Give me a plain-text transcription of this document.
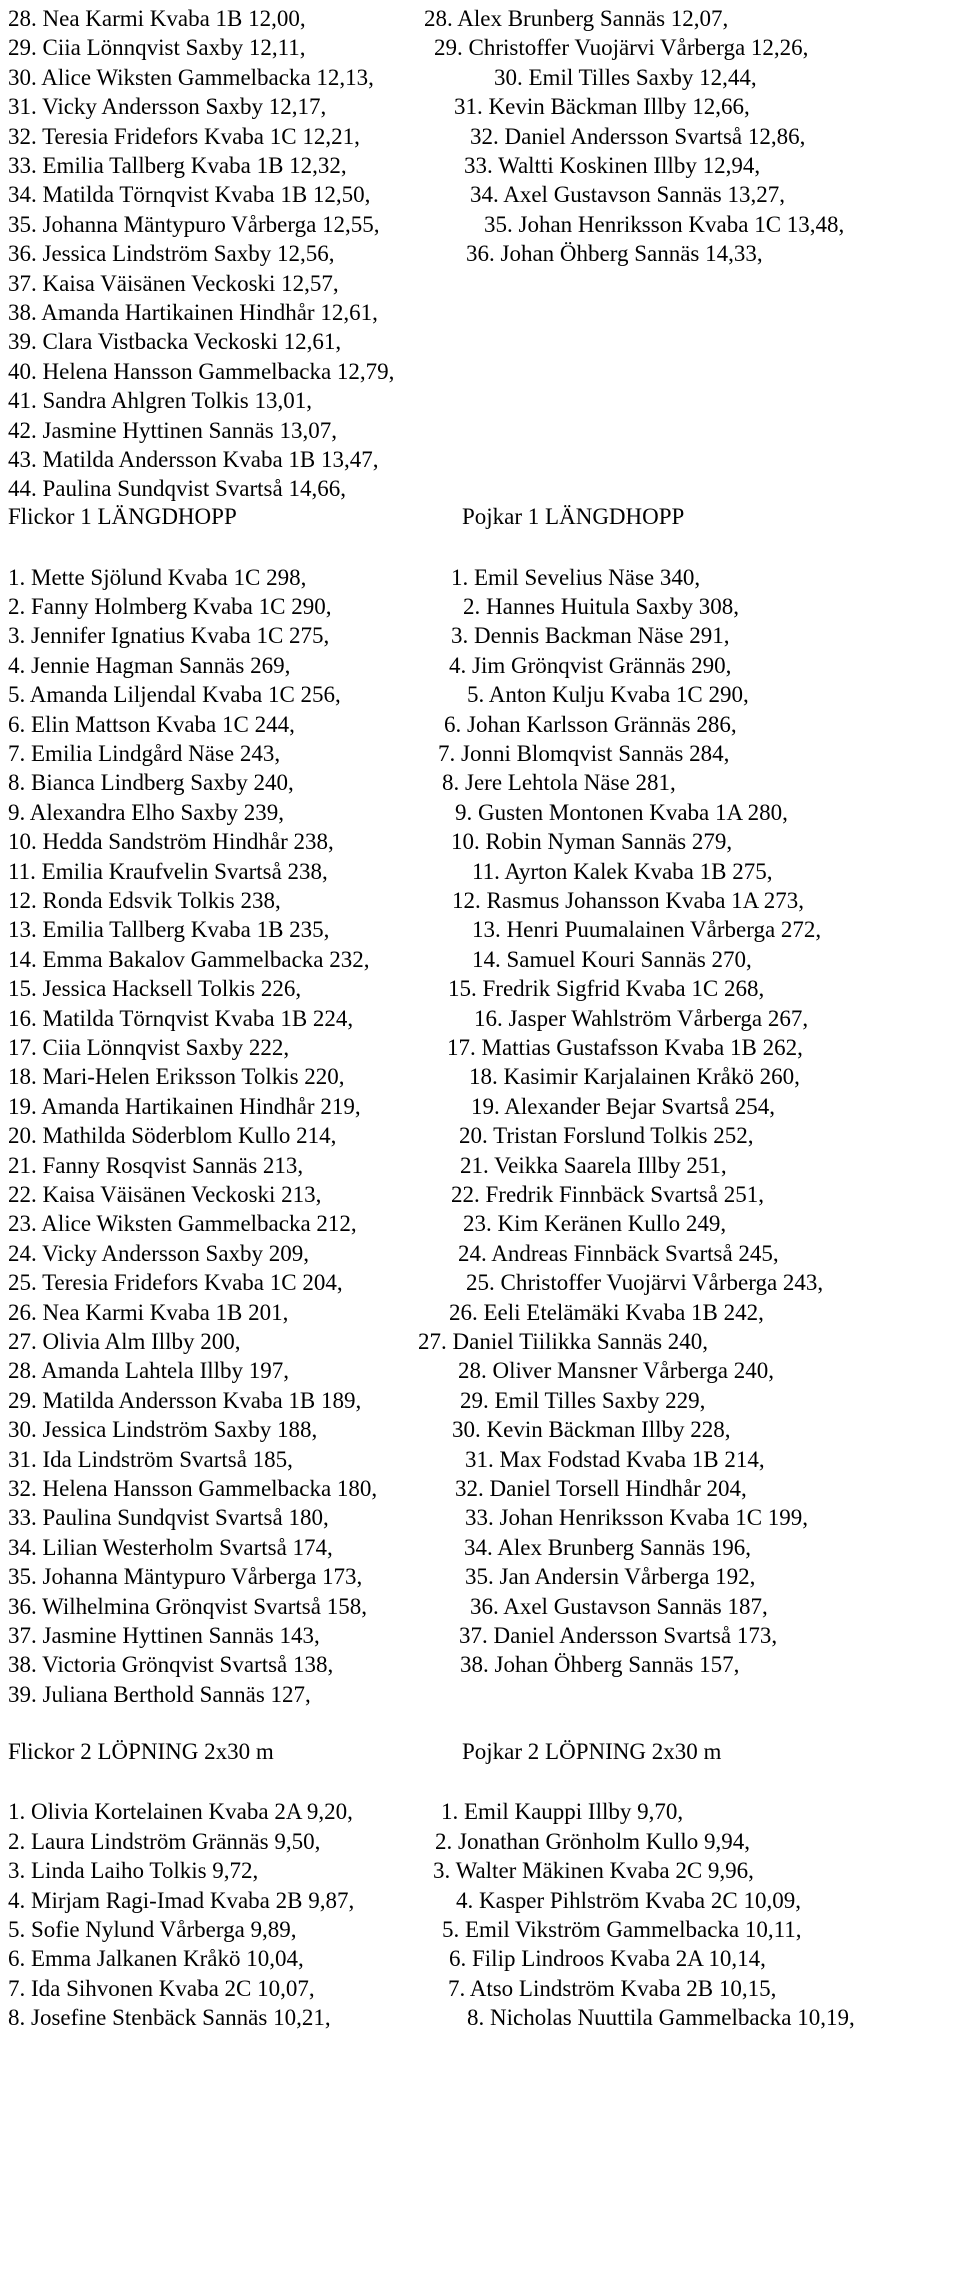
28. Nea Karmi Kvaba 1B 12,00,	28. Alex Brunberg Sannäs 12,07,
29. Ciia Lönnqvist Saxby 12,11,	29. Christoffer Vuojärvi Vårberga 12,26,
30. Alice Wiksten Gammelbacka 12,13,	30. Emil Tilles Saxby 12,44,
31. Vicky Andersson Saxby 12,17,	31. Kevin Bäckman Illby 12,66,
32. Teresia Fridefors Kvaba 1C 12,21,	32. Daniel Andersson Svartså 12,86,
33. Emilia Tallberg Kvaba 1B 12,32,	33. Waltti Koskinen Illby 12,94,
34. Matilda Törnqvist Kvaba 1B 12,50,	34. Axel Gustavson Sannäs 13,27,
35. Johanna Mäntypuro Vårberga 12,55,	35. Johan Henriksson Kvaba 1C 13,48,
36. Jessica Lindström Saxby 12,56,	36. Johan Öhberg Sannäs 14,33,
37. Kaisa Väisänen Veckoski 12,57,
38. Amanda Hartikainen Hindhår 12,61,
39. Clara Vistbacka Veckoski 12,61,
40. Helena Hansson Gammelbacka 12,79,
41. Sandra Ahlgren Tolkis 13,01,
42. Jasmine Hyttinen Sannäs 13,07,
43. Matilda Andersson Kvaba 1B 13,47,
44. Paulina Sundqvist Svartså 14,66,
Flickor 1 LÄNGDHOPP	Pojkar 1 LÄNGDHOPP
1. Mette Sjölund Kvaba 1C 298,	1. Emil Sevelius Näse 340,
2. Fanny Holmberg Kvaba 1C 290,	2. Hannes Huitula Saxby 308,
3. Jennifer Ignatius Kvaba 1C 275,	3. Dennis Backman Näse 291,
4. Jennie Hagman Sannäs 269,	4. Jim Grönqvist Grännäs 290,
5. Amanda Liljendal Kvaba 1C 256,	5. Anton Kulju Kvaba 1C 290,
6. Elin Mattson Kvaba 1C 244,	6. Johan Karlsson Grännäs 286,
7. Emilia Lindgård Näse 243,	7. Jonni Blomqvist Sannäs 284,
8. Bianca Lindberg Saxby 240,	8. Jere Lehtola Näse 281,
9. Alexandra Elho Saxby 239,	9. Gusten Montonen Kvaba 1A 280,
10. Hedda Sandström Hindhår 238,	10. Robin Nyman Sannäs 279,
11. Emilia Kraufvelin Svartså 238,	11. Ayrton Kalek Kvaba 1B 275,
12. Ronda Edsvik Tolkis 238,	12. Rasmus Johansson Kvaba 1A 273,
13. Emilia Tallberg Kvaba 1B 235,	13. Henri Puumalainen Vårberga 272,
14. Emma Bakalov Gammelbacka 232,	14. Samuel Kouri Sannäs 270,
15. Jessica Hacksell Tolkis 226,	15. Fredrik Sigfrid Kvaba 1C 268,
16. Matilda Törnqvist Kvaba 1B 224,	16. Jasper Wahlström Vårberga 267,
17. Ciia Lönnqvist Saxby 222,	17. Mattias Gustafsson Kvaba 1B 262,
18. Mari-Helen Eriksson Tolkis 220,	18. Kasimir Karjalainen Kråkö 260,
19. Amanda Hartikainen Hindhår 219,	19. Alexander Bejar Svartså 254,
20. Mathilda Söderblom Kullo 214,	20. Tristan Forslund Tolkis 252,
21. Fanny Rosqvist Sannäs 213,	21. Veikka Saarela Illby 251,
22. Kaisa Väisänen Veckoski 213,	22. Fredrik Finnbäck Svartså 251,
23. Alice Wiksten Gammelbacka 212,	23. Kim Keränen Kullo 249,
24. Vicky Andersson Saxby 209,	24. Andreas Finnbäck Svartså 245,
25. Teresia Fridefors Kvaba 1C 204,	25. Christoffer Vuojärvi Vårberga 243,
26. Nea Karmi Kvaba 1B 201,	26. Eeli Etelämäki Kvaba 1B 242,
27. Olivia Alm Illby 200,	27. Daniel Tiilikka Sannäs 240,
28. Amanda Lahtela Illby 197,	28. Oliver Mansner Vårberga 240,
29. Matilda Andersson Kvaba 1B 189,	29. Emil Tilles Saxby 229,
30. Jessica Lindström Saxby 188,	30. Kevin Bäckman Illby 228,
31. Ida Lindström Svartså 185,	31. Max Fodstad Kvaba 1B 214,
32. Helena Hansson Gammelbacka 180,	32. Daniel Torsell Hindhår 204,
33. Paulina Sundqvist Svartså 180,	33. Johan Henriksson Kvaba 1C 199,
34. Lilian Westerholm Svartså 174,	34. Alex Brunberg Sannäs 196,
35. Johanna Mäntypuro Vårberga 173,	35. Jan Andersin Vårberga 192,
36. Wilhelmina Grönqvist Svartså 158,	36. Axel Gustavson Sannäs 187,
37. Jasmine Hyttinen Sannäs 143,	37. Daniel Andersson Svartså 173,
38. Victoria Grönqvist Svartså 138,	38. Johan Öhberg Sannäs 157,
39. Juliana Berthold Sannäs 127,
Flickor 2 LÖPNING 2x30 m	Pojkar 2 LÖPNING 2x30 m
1. Olivia Kortelainen Kvaba 2A 9,20,	1. Emil Kauppi Illby 9,70,
2. Laura Lindström Grännäs 9,50,	2. Jonathan Grönholm Kullo 9,94,
3. Linda Laiho Tolkis 9,72,	3. Walter Mäkinen Kvaba 2C 9,96,
4. Mirjam Ragi-Imad Kvaba 2B 9,87,	4. Kasper Pihlström Kvaba 2C 10,09,
5. Sofie Nylund Vårberga 9,89,	5. Emil Vikström Gammelbacka 10,11,
6. Emma Jalkanen Kråkö 10,04,	6. Filip Lindroos Kvaba 2A 10,14,
7. Ida Sihvonen Kvaba 2C 10,07,	7. Atso Lindström Kvaba 2B 10,15,
8. Josefine Stenbäck Sannäs 10,21,	8. Nicholas Nuuttila Gammelbacka 10,19,
